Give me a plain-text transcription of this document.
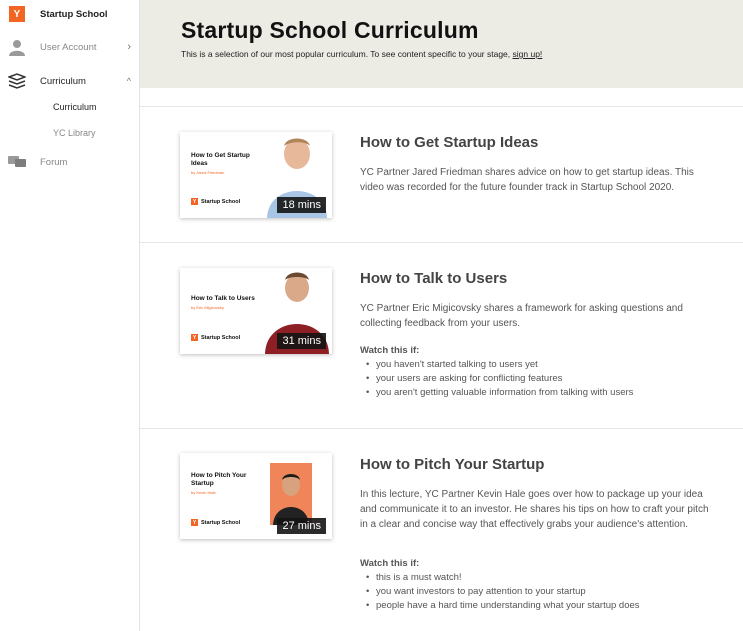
Y	Startup School
User Account	›
Curriculum	^
Curriculum
YC Library
Forum
Startup School Curriculum
This is a selection of our most popular curriculum. To see content specific to your stage, sign up!
How to Get Startup Ideas
by Jared Friedman
Y Startup School	18 mins
How to Get Startup Ideas
YC Partner Jared Friedman shares advice on how to get startup ideas. This video was recorded for the future founder track in Startup School 2020.
How to Talk to Users
by Eric Migicovsky
Y Startup School	31 mins
How to Talk to Users
YC Partner Eric Migicovsky shares a framework for asking questions and collecting feedback from your users.
Watch this if:
• you haven't started talking to users yet
• your users are asking for conflicting features
• you aren't getting valuable information from talking with users
How to Pitch Your Startup
by Kevin Hale
Y Startup School	27 mins
How to Pitch Your Startup
In this lecture, YC Partner Kevin Hale goes over how to package up your idea and communicate it to an investor. He shares his tips on how to craft your pitch in a clear and concise way that effectively grabs your audience's attention.
Watch this if:
• this is a must watch!
• you want investors to pay attention to your startup
• people have a hard time understanding what your startup does
